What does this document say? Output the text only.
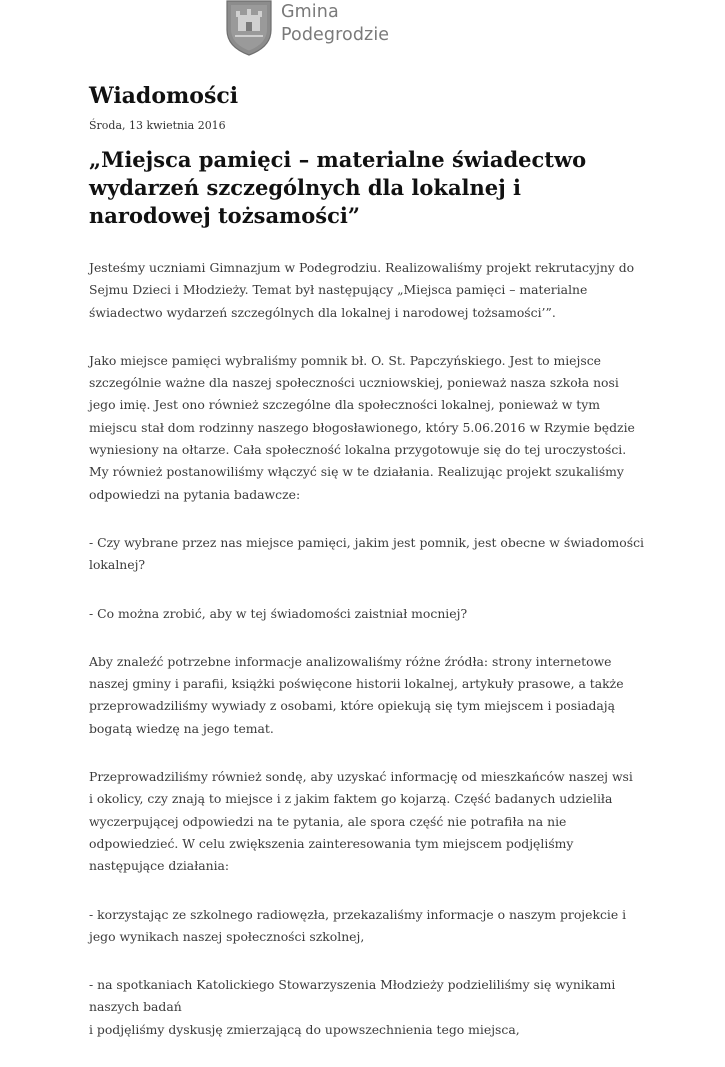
Gmina
Podegrodzie
Wiadomości
Środa, 13 kwietnia 2016
„Miejsca pamięci – materialne świadectwo wydarzeń szczególnych dla lokalnej i narodowej tożsamości”

Jesteśmy uczniami Gimnazjum w Podegrodziu. Realizowaliśmy projekt rekrutacyjny do Sejmu Dzieci i Młodzieży. Temat był następujący „Miejsca pamięci – materialne świadectwo wydarzeń szczególnych dla lokalnej i narodowej tożsamości’”.

Jako miejsce pamięci wybraliśmy pomnik bł. O. St. Papczyńskiego. Jest to miejsce szczególnie ważne dla naszej społeczności uczniowskiej, ponieważ nasza szkoła nosi jego imię. Jest ono również szczególne dla społeczności lokalnej, ponieważ w tym miejscu stał dom rodzinny naszego błogosławionego, który 5.06.2016 w Rzymie będzie wyniesiony na ołtarze. Cała społeczność lokalna przygotowuje się do tej uroczystości. My również postanowiliśmy włączyć się w te działania. Realizując projekt szukaliśmy odpowiedzi na pytania badawcze:

- Czy wybrane przez nas miejsce pamięci, jakim jest pomnik, jest obecne w świadomości lokalnej?

- Co można zrobić, aby w tej świadomości zaistniał mocniej?

Aby znaleźć potrzebne informacje analizowaliśmy różne źródła: strony internetowe naszej gminy i parafii, książki poświęcone historii lokalnej, artykuły prasowe, a także przeprowadziliśmy wywiady z osobami, które opiekują się tym miejscem i posiadają bogatą wiedzę na jego temat.

Przeprowadziliśmy również sondę, aby uzyskać informację od mieszkańców naszej wsi
i okolicy, czy znają to miejsce i z jakim faktem go kojarzą. Część badanych udzieliła wyczerpującej odpowiedzi na te pytania, ale spora część nie potrafiła na nie odpowiedzieć. W celu zwiększenia zainteresowania tym miejscem podjęliśmy następujące działania:

- korzystając ze szkolnego radiowęzła, przekazaliśmy informacje o naszym projekcie i jego wynikach naszej społeczności szkolnej,

- na spotkaniach Katolickiego Stowarzyszenia Młodzieży podzieliliśmy się wynikami naszych badań
i podjęliśmy dyskusję zmierzającą do upowszechnienia tego miejsca,
